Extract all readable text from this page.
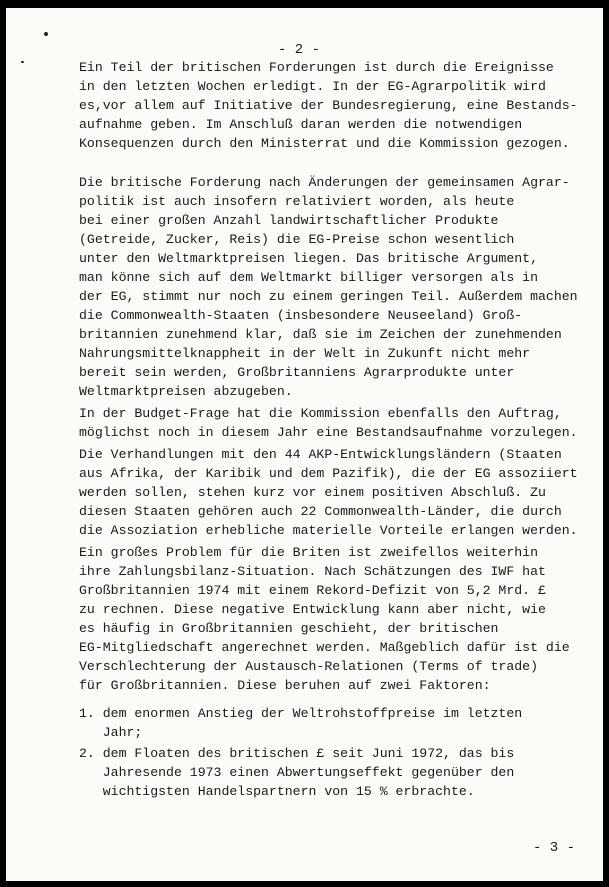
- 2 -
Ein Teil der britischen Forderungen ist durch die Ereignisse
in den letzten Wochen erledigt. In der EG-Agrarpolitik wird
es,vor allem auf Initiative der Bundesregierung, eine Bestands-
aufnahme geben. Im Anschluß daran werden die notwendigen
Konsequenzen durch den Ministerrat und die Kommission gezogen.
Die britische Forderung nach Änderungen der gemeinsamen Agrar-
politik ist auch insofern relativiert worden, als heute
bei einer großen Anzahl landwirtschaftlicher Produkte
(Getreide, Zucker, Reis) die EG-Preise schon wesentlich
unter den Weltmarktpreisen liegen. Das britische Argument,
man könne sich auf dem Weltmarkt billiger versorgen als in
der EG, stimmt nur noch zu einem geringen Teil. Außerdem machen
die Commonwealth-Staaten (insbesondere Neuseeland) Groß-
britannien zunehmend klar, daß sie im Zeichen der zunehmenden
Nahrungsmittelknappheit in der Welt in Zukunft nicht mehr
bereit sein werden, Großbritanniens Agrarprodukte unter
Weltmarktpreisen abzugeben.
In der Budget-Frage hat die Kommission ebenfalls den Auftrag,
möglichst noch in diesem Jahr eine Bestandsaufnahme vorzulegen.
Die Verhandlungen mit den 44 AKP-Entwicklungsländern (Staaten
aus Afrika, der Karibik und dem Pazifik), die der EG assoziiert
werden sollen, stehen kurz vor einem positiven Abschluß. Zu
diesen Staaten gehören auch 22 Commonwealth-Länder, die durch
die Assoziation erhebliche materielle Vorteile erlangen werden.
Ein großes Problem für die Briten ist zweifellos weiterhin
ihre Zahlungsbilanz-Situation. Nach Schätzungen des IWF hat
Großbritannien 1974 mit einem Rekord-Defizit von 5,2 Mrd. £
zu rechnen. Diese negative Entwicklung kann aber nicht, wie
es häufig in Großbritannien geschieht, der britischen
EG-Mitgliedschaft angerechnet werden. Maßgeblich dafür ist die
Verschlechterung der Austausch-Relationen (Terms of trade)
für Großbritannien. Diese beruhen auf zwei Faktoren:
1. dem enormen Anstieg der Weltrohstoffpreise im letzten
Jahr;
2. dem Floaten des britischen £ seit Juni 1972, das bis
Jahresende 1973 einen Abwertungseffekt gegenüber den
wichtigsten Handelspartnern von 15 % erbrachte.
- 3 -
